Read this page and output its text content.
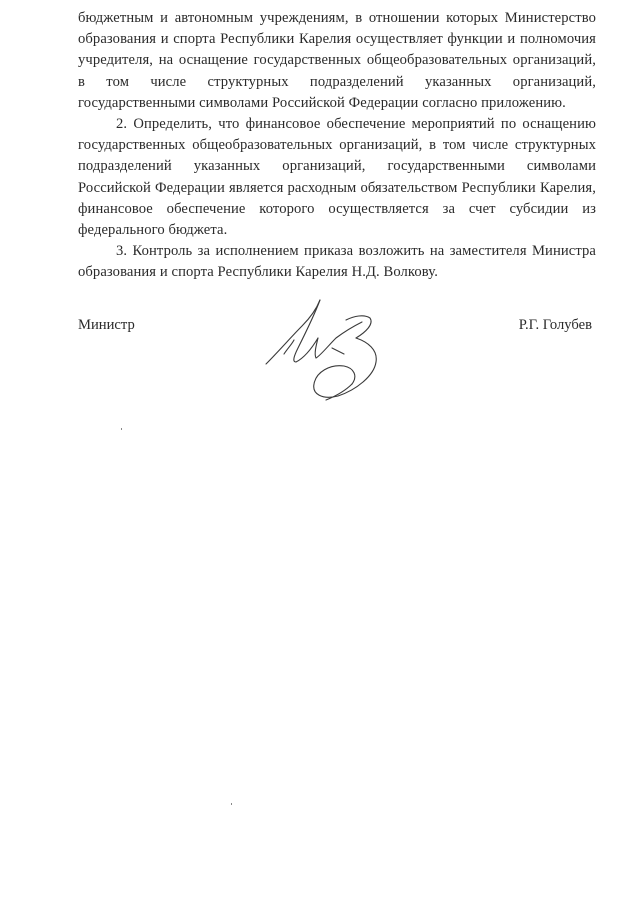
бюджетным и автономным учреждениям, в отношении которых Министерство образования и спорта Республики Карелия осуществляет функции и полномочия учредителя, на оснащение государственных общеобразовательных организаций, в том числе структурных подразделений указанных организаций, государственными символами Российской Федерации согласно приложению.

2. Определить, что финансовое обеспечение мероприятий по оснащению государственных общеобразовательных организаций, в том числе структурных подразделений указанных организаций, государственными символами Российской Федерации является расходным обязательством Республики Карелия, финансовое обеспечение которого осуществляется за счет субсидии из федерального бюджета.

3. Контроль за исполнением приказа возложить на заместителя Министра образования и спорта Республики Карелия Н.Д. Волкову.

Министр	Р.Г. Голубев
